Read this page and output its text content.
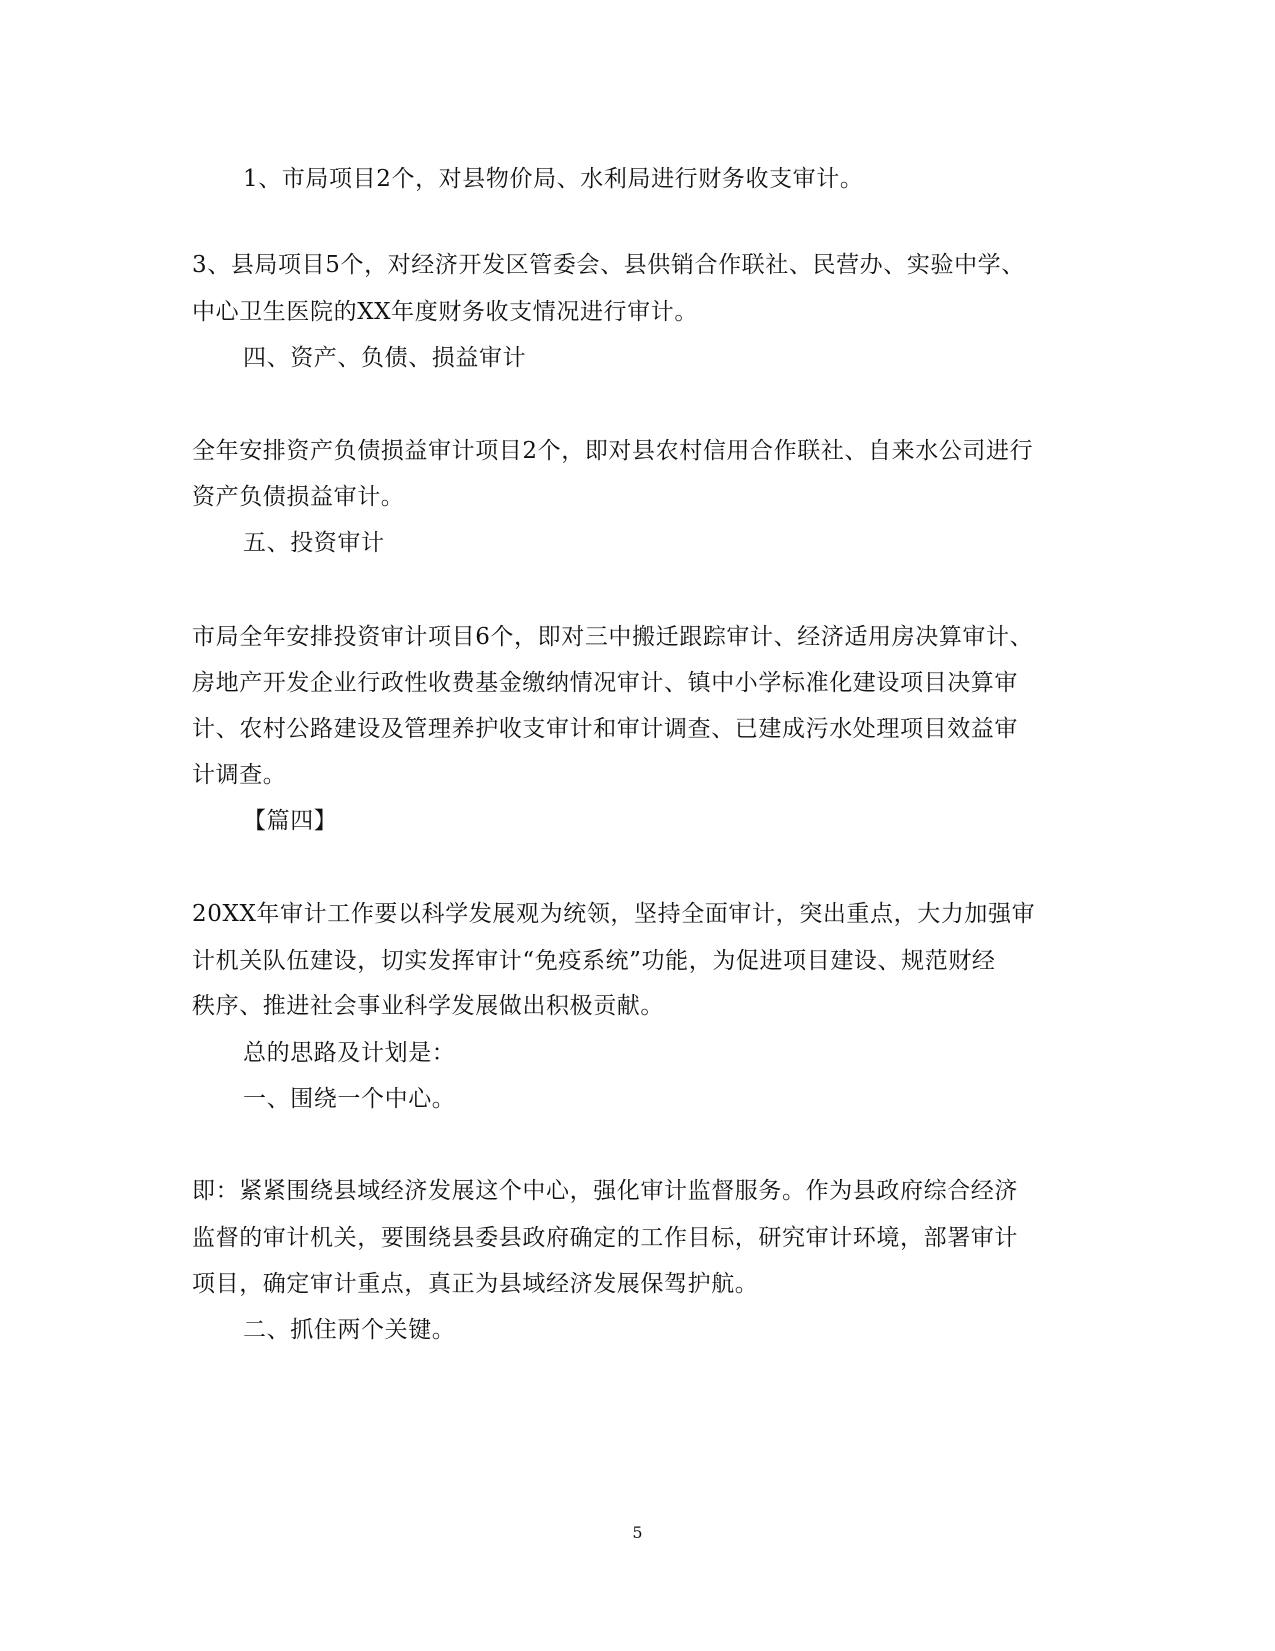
1、市局项目2个，对县物价局、水利局进行财务收支审计。
3、县局项目5个，对经济开发区管委会、县供销合作联社、民营办、实验中学、
中心卫生医院的XX年度财务收支情况进行审计。
四、资产、负债、损益审计
全年安排资产负债损益审计项目2个，即对县农村信用合作联社、自来水公司进行
资产负债损益审计。
五、投资审计
市局全年安排投资审计项目6个，即对三中搬迁跟踪审计、经济适用房决算审计、
房地产开发企业行政性收费基金缴纳情况审计、镇中小学标准化建设项目决算审
计、农村公路建设及管理养护收支审计和审计调查、已建成污水处理项目效益审
计调查。
【篇四】
20XX年审计工作要以科学发展观为统领，坚持全面审计，突出重点，大力加强审
计机关队伍建设，切实发挥审计“免疫系统”功能，为促进项目建设、规范财经
秩序、推进社会事业科学发展做出积极贡献。
总的思路及计划是：
一、围绕一个中心。
即：紧紧围绕县域经济发展这个中心，强化审计监督服务。作为县政府综合经济
监督的审计机关，要围绕县委县政府确定的工作目标，研究审计环境，部署审计
项目，确定审计重点，真正为县域经济发展保驾护航。
二、抓住两个关键。
5
